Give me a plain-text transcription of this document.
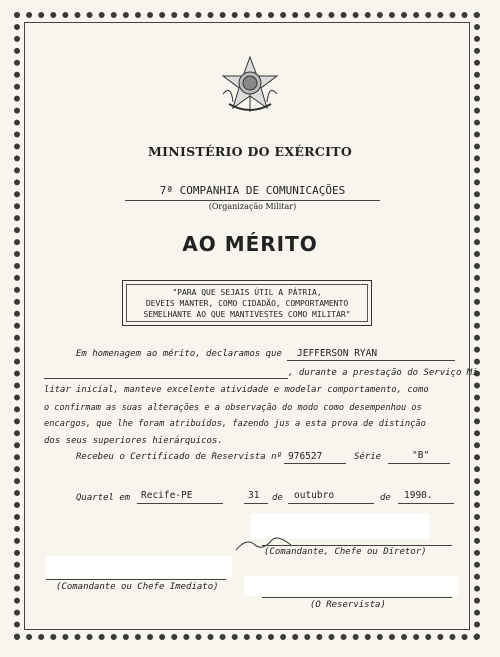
MINISTÉRIO DO EXÉRCITO
7ª COMPANHIA DE COMUNICAÇÕES
(Organização Militar)
AO MÉRITO
"PARA QUE SEJAIS ÚTIL A PÁTRIA,
DEVEIS MANTER, COMO CIDADÃO, COMPORTAMENTO
SEMELHANTE AO QUE MANTIVESTES COMO MILITAR"
Em homenagem ao mérito, declaramos que JEFFERSON RYAN
, durante a prestação do Serviço Mi
litar inicial, manteve excelente atividade e modelar comportamento, como
o confirmam as suas alterações e a observação do modo como desempenhou os
encargos, que lhe foram atribuídos, fazendo jus a esta prova de distinção
dos seus superiores hierárquicos.
Recebeu o Certificado de Reservista nº 976527	Série	"B"
Quartel em Recife-PE	31 de outubro	de 1990.
(Comandante, Chefe ou Diretor)
(Comandante ou Chefe Imediato)
(O Reservista)
